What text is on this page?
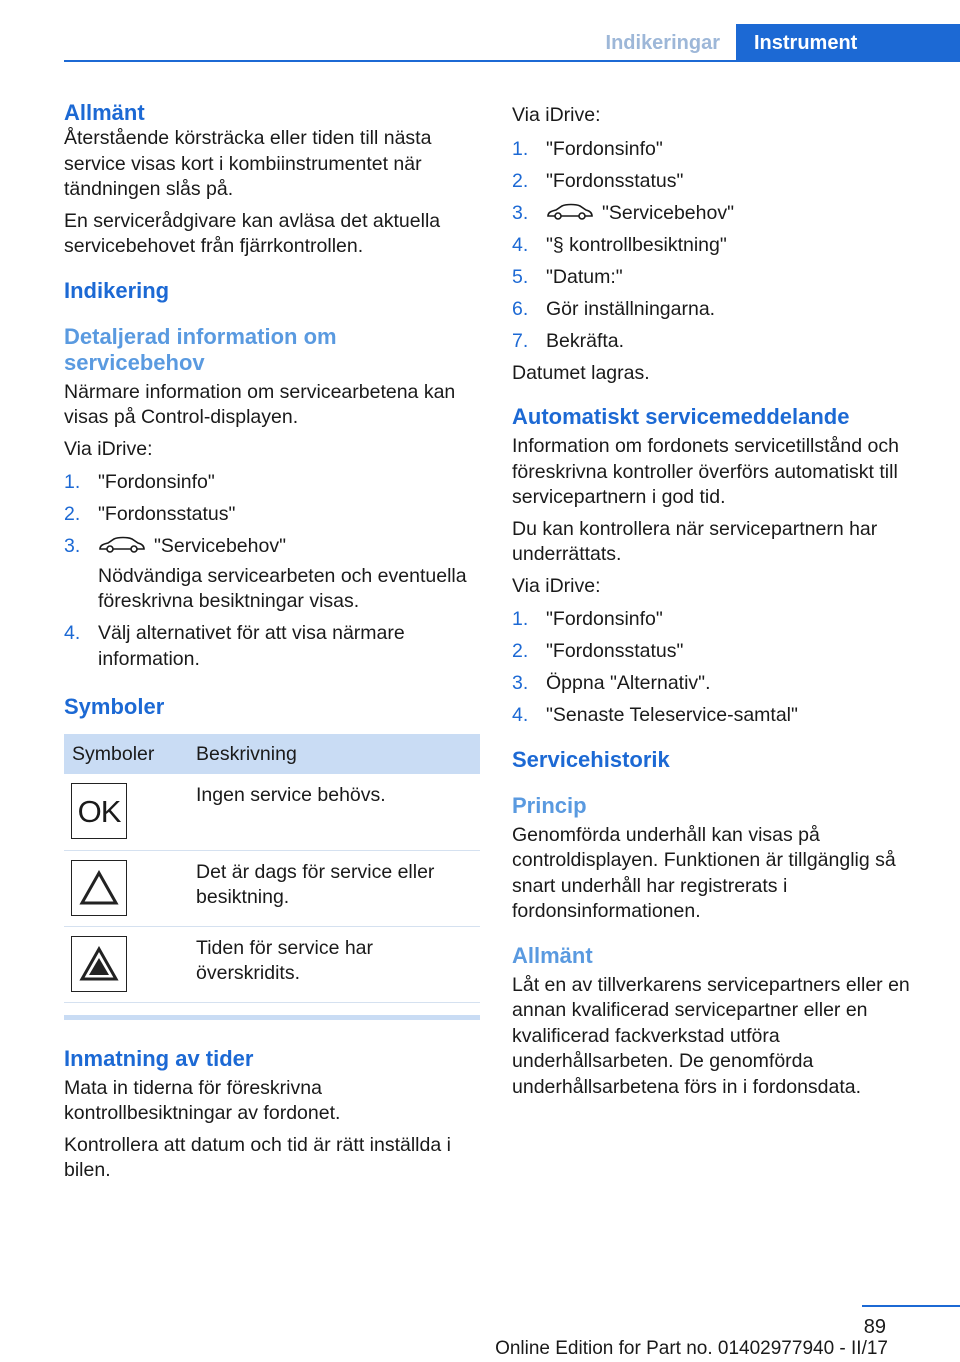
Indikeringar	Instrument
Allmänt

Återstående körsträcka eller tiden till nästa service visas kort i kombiinstrumentet när tändningen slås på.

En servicerådgivare kan avläsa det aktuella servicebehovet från fjärrkontrollen.

Indikering
Detaljerad information om servicebehov

Närmare information om servicearbetena kan visas på Control-displayen.

Via iDrive:

1. "Fordonsinfo"
2. "Fordonsstatus"
3.	"Servicebehov"
Nödvändiga servicearbeten och eventuella föreskrivna besiktningar visas.
4. Välj alternativet för att visa närmare information.
Symboler
Symboler	Beskrivning

OK	Ingen service behövs.

	Det är dags för service eller besiktning.

	Tiden för service har överskridits.
Inmatning av tider

Mata in tiderna för föreskrivna kontrollbesiktningar av fordonet.

Kontrollera att datum och tid är rätt inställda i bilen.

Via iDrive:

1. "Fordonsinfo"
2. "Fordonsstatus"
3.	"Servicebehov"
4. "§ kontrollbesiktning"
5. "Datum:"
6. Gör inställningarna.
7. Bekräfta.

Datumet lagras.

Automatiskt servicemeddelande

Information om fordonets servicetillstånd och föreskrivna kontroller överförs automatiskt till servicepartnern i god tid.

Du kan kontrollera när servicepartnern har underrättats.

Via iDrive:

1. "Fordonsinfo"
2. "Fordonsstatus"
3. Öppna "Alternativ".
4. "Senaste Teleservice-samtal"
Servicehistorik
Princip

Genomförda underhåll kan visas på controldisplayen. Funktionen är tillgänglig så snart underhåll har registrerats i fordonsinformationen.

Allmänt

Låt en av tillverkarens servicepartners eller en annan kvalificerad servicepartner eller en kvalificerad fackverkstad utföra underhållsarbeten. De genomförda underhållsarbetena förs in i fordonsdata.

89
Online Edition for Part no. 01402977940 - II/17
